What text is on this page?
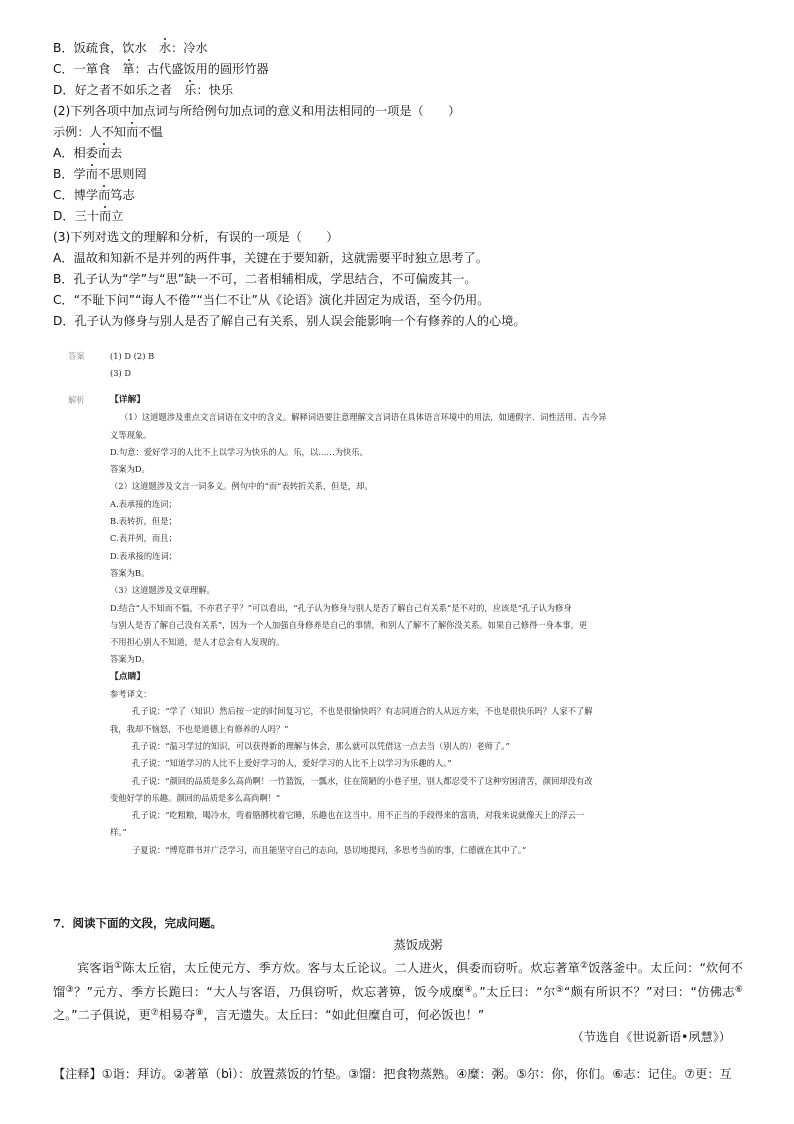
B．饭疏食，饮水　水：冷水

C．一箪食　箪：古代盛饭用的圆形竹器

D．好之者不如乐之者　乐：快乐

(2)下列各项中加点词与所给例句加点词的意义和用法相同的一项是（　　）

示例：人不知而不愠

A．相委而去

B．学而不思则罔

C．博学而笃志

D．三十而立

(3)下列对选文的理解和分析，有误的一项是（　　）

A．温故和知新不是并列的两件事，关键在于要知新，这就需要平时独立思考了。

B．孔子认为“学”与“思”缺一不可，二者相辅相成，学思结合，不可偏废其一。

C．“不耻下问”“诲人不倦”“当仁不让”从《论语》演化并固定为成语，至今仍用。

D．孔子认为修身与别人是否了解自己有关系，别人误会能影响一个有修养的人的心境。

答案	(1) D (2) B

(3) D

解析	【详解】

（1）这道题涉及重点文言词语在文中的含义。解释词语要注意理解文言词语在具体语言环境中的用法，如通假字、词性活用、古今异

义等现象。

D.句意：爱好学习的人比不上以学习为快乐的人。乐，以……为快乐。

答案为D。

（2）这道题涉及文言一词多义。例句中的“而”表转折关系，但是，却。

A.表承接的连词；

B.表转折，但是；

C.表并列，而且；

D.表承接的连词；

答案为B。

（3）这道题涉及文章理解。

D.结合“人不知而不愠，不亦君子乎？”可以看出，“孔子认为修身与别人是否了解自己有关系”是不对的，应该是“孔子认为修身

与别人是否了解自己没有关系”，因为一个人加强自身修养是自己的事情，和别人了解不了解你没关系。如果自己修得一身本事，更

不用担心别人不知道，是人才总会有人发现的。

答案为D。

【点睛】

参考译文：

孔子说：“学了（知识）然后按一定的时间复习它，不也是很愉快吗？有志同道合的人从远方来，不也是很快乐吗？人家不了解

我，我却不恼怒，不也是道德上有修养的人吗？”

孔子说：“温习学过的知识，可以获得新的理解与体会，那么就可以凭借这一点去当（别人的）老师了。”

孔子说：“知道学习的人比不上爱好学习的人，爱好学习的人比不上以学习为乐趣的人。”

孔子说：“颜回的品质是多么高尚啊！一竹篮饭，一瓢水，住在简陋的小巷子里，别人都忍受不了这种穷困清苦，颜回却没有改

变他好学的乐趣。颜回的品质是多么高尚啊！”

孔子说：“吃粗粮，喝冷水，弯着胳膊枕着它睡，乐趣也在这当中。用不正当的手段得来的富贵，对我来说就像天上的浮云一

样。”

子夏说：“博览群书并广泛学习，而且能坚守自己的志向，恳切地提问，多思考当前的事，仁德就在其中了。”

7．阅读下面的文段，完成问题。

蒸饭成粥

宾客诣①陈太丘宿，太丘使元方、季方炊。客与太丘论议。二人进火，俱委而窃听。炊忘著箪②饭落釜中。太丘问：“炊何不馏③？”元方、季方长跪曰：“大人与客语，乃俱窃听，炊忘著箅，饭今成糜④。”太丘曰：“尔⑤“颇有所识不？”对曰：“仿佛志⑥之。”二子俱说，更⑦相易夺⑧，言无遗失。太丘曰：“如此但糜自可，何必饭也！”

（节选自《世说新语•夙慧》）

【注释】①诣：拜访。②著箪（bì）：放置蒸饭的竹垫。③馏：把食物蒸熟。④糜：粥。⑤尔：你，你们。⑥志：记住。⑦更：互
